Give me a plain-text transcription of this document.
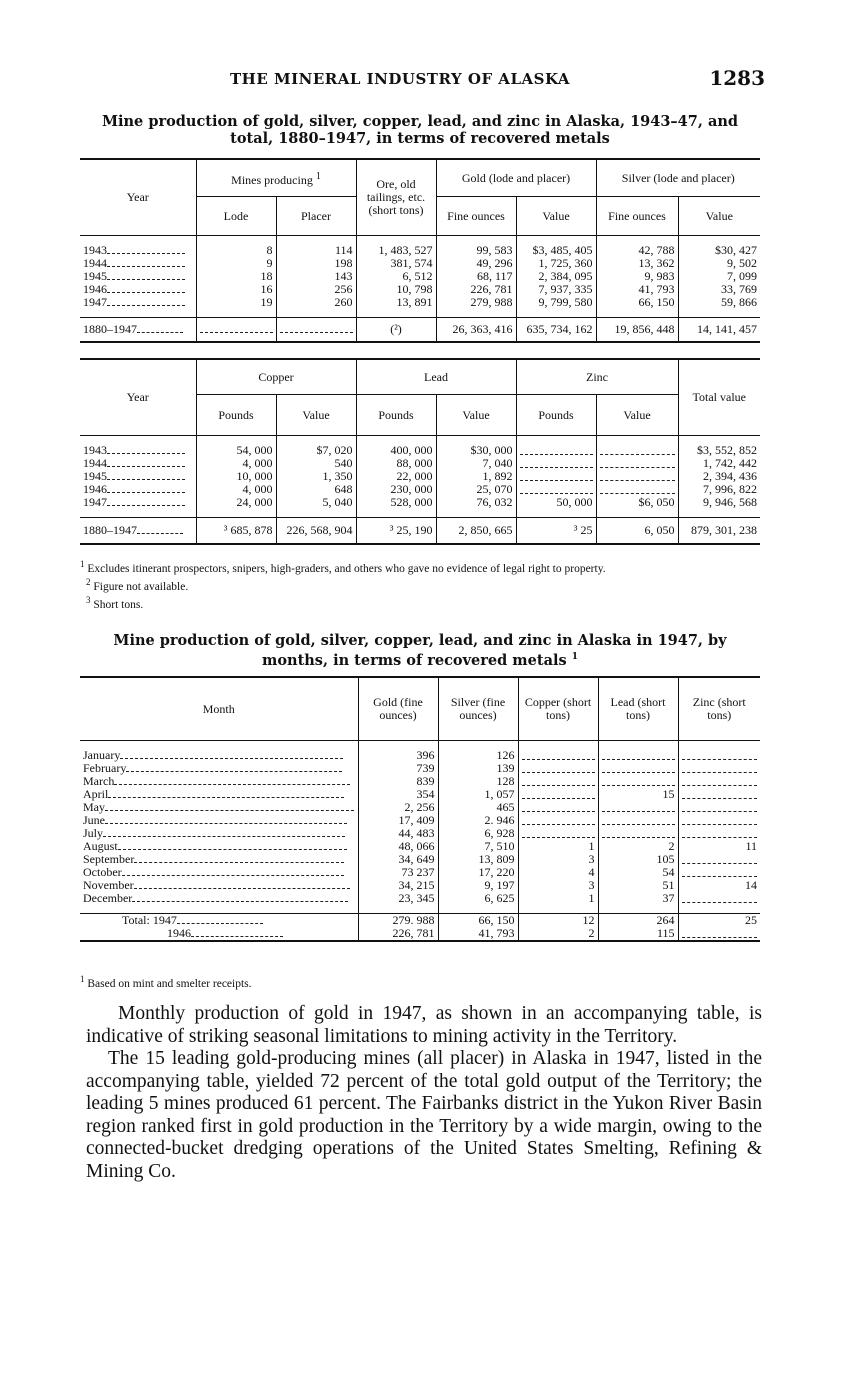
THE MINERAL INDUSTRY OF ALASKA	1283
Mine production of gold, silver, copper, lead, and zinc in Alaska, 1943–47, and
total, 1880–1947, in terms of recovered metals
Year	Mines producing $^1$		Ore, old tailings, etc. (short tons)	Gold (lode and placer)		Silver (lode and placer)	
	Lode	Placer		Fine ounces	Value	Fine ounces	Value

1943	8	114	1, 483, 527	99, 583	$3, 485, 405	42, 788	$30, 427
1944	9	198	381, 574	49, 296	1, 725, 360	13, 362	9, 502
1945	18	143	6, 512	68, 117	2, 384, 095	9, 983	7, 099
1946	16	256	10, 798	226, 781	7, 937, 335	41, 793	33, 769
1947	19	260	13, 891	279, 988	9, 799, 580	66, 150	59, 866

1880–1947			(²)	26, 363, 416	635, 734, 162	19, 856, 448	14, 141, 457
Year	Copper		Lead		Zinc		Total value
	Pounds	Value	Pounds	Value	Pounds	Value	

1943	54, 000	$7, 020	400, 000	$30, 000			$3, 552, 852
1944	4, 000	540	88, 000	7, 040			1, 742, 442
1945	10, 000	1, 350	22, 000	1, 892			2, 394, 436
1946	4, 000	648	230, 000	25, 070			7, 996, 822
1947	24, 000	5, 040	528, 000	76, 032	50, 000	$6, 050	9, 946, 568

1880–1947	³ 685, 878	226, 568, 904	³ 25, 190	2, 850, 665	³ 25	6, 050	879, 301, 238
$^1$ Excludes itinerant prospectors, snipers, high-graders, and others who gave no evidence of legal right to property.
$^2$ Figure not available.
$^3$ Short tons.
Mine production of gold, silver, copper, lead, and zinc in Alaska in 1947, by
months, in terms of recovered metals $^1$
Month	Gold (fine ounces)	Silver (fine ounces)	Copper (short tons)	Lead (short tons)	Zinc (short tons)

January	396	126	

February	739	139	

March	839	128	

April	354	1, 057		15	

May	2, 256	465	

June	17, 409	2. 946	

July	44, 483	6, 928	

August	48, 066	7, 510	1	2	11
September	34, 649	13, 809	3	105	

October	73 237	17, 220	4	54	

November	34, 215	9, 197	3	51	14
December	23, 345	6, 625	1	37	

Total: 1947	279. 988	66, 150	12	264	25
1946	226, 781	41, 793	2	115	
$^1$ Based on mint and smelter receipts.

Monthly production of gold in 1947, as shown in an accompanying table, is indicative of striking seasonal limitations to mining activity in the Territory.

The 15 leading gold-producing mines (all placer) in Alaska in 1947, listed in the accompanying table, yielded 72 percent of the total gold output of the Territory; the leading 5 mines produced 61 percent. The Fairbanks district in the Yukon River Basin region ranked first in gold production in the Territory by a wide margin, owing to the connected-bucket dredging operations of the United States Smelting, Refining & Mining Co.
